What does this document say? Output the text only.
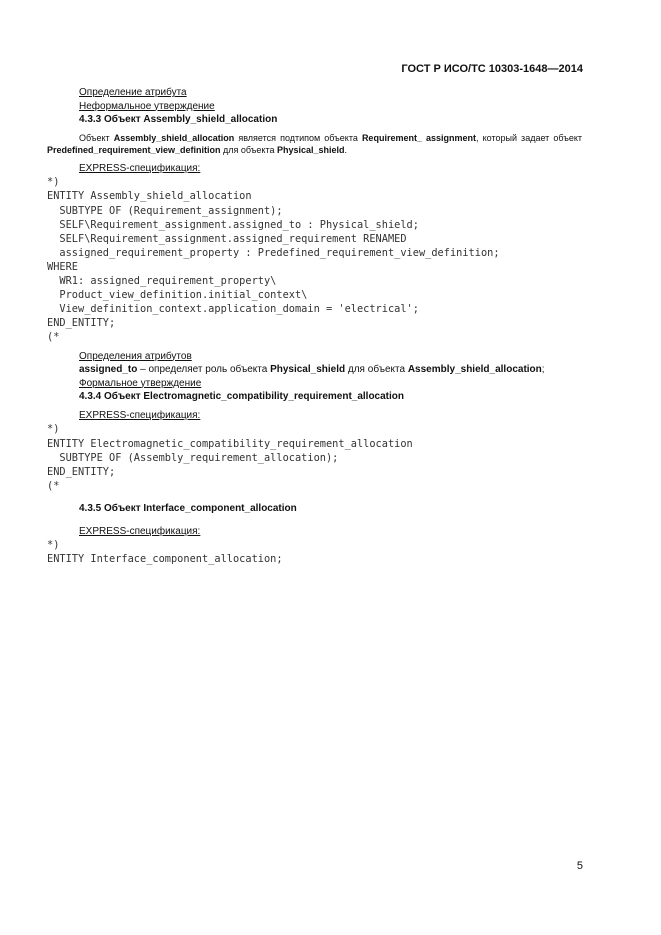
ГОСТ Р ИСО/ТС 10303-1648—2014

Определение атрибута

Неформальное утверждение

4.3.3 Объект Assembly_shield_allocation

Объект Assembly_shield_allocation является подтипом объекта Requirement_ assignment, который задает объект Predefined_requirement_view_definition для объекта Physical_shield.

EXPRESS-спецификация:

*)
ENTITY Assembly_shield_allocation
SUBTYPE OF (Requirement_assignment);
SELF\Requirement_assignment.assigned_to : Physical_shield;
SELF\Requirement_assignment.assigned_requirement RENAMED
assigned_requirement_property : Predefined_requirement_view_definition;
WHERE
WR1: assigned_requirement_property\
Product_view_definition.initial_context\
View_definition_context.application_domain = 'electrical';
END_ENTITY;
(*

Определения атрибутов

assigned_to – определяет роль объекта Physical_shield для объекта Assembly_shield_allocation;

Формальное утверждение

4.3.4 Объект Electromagnetic_compatibility_requirement_allocation

EXPRESS-спецификация:

*)
ENTITY Electromagnetic_compatibility_requirement_allocation
SUBTYPE OF (Assembly_requirement_allocation);
END_ENTITY;
(*

4.3.5 Объект Interface_component_allocation

EXPRESS-спецификация:

*)
ENTITY Interface_component_allocation;
5
